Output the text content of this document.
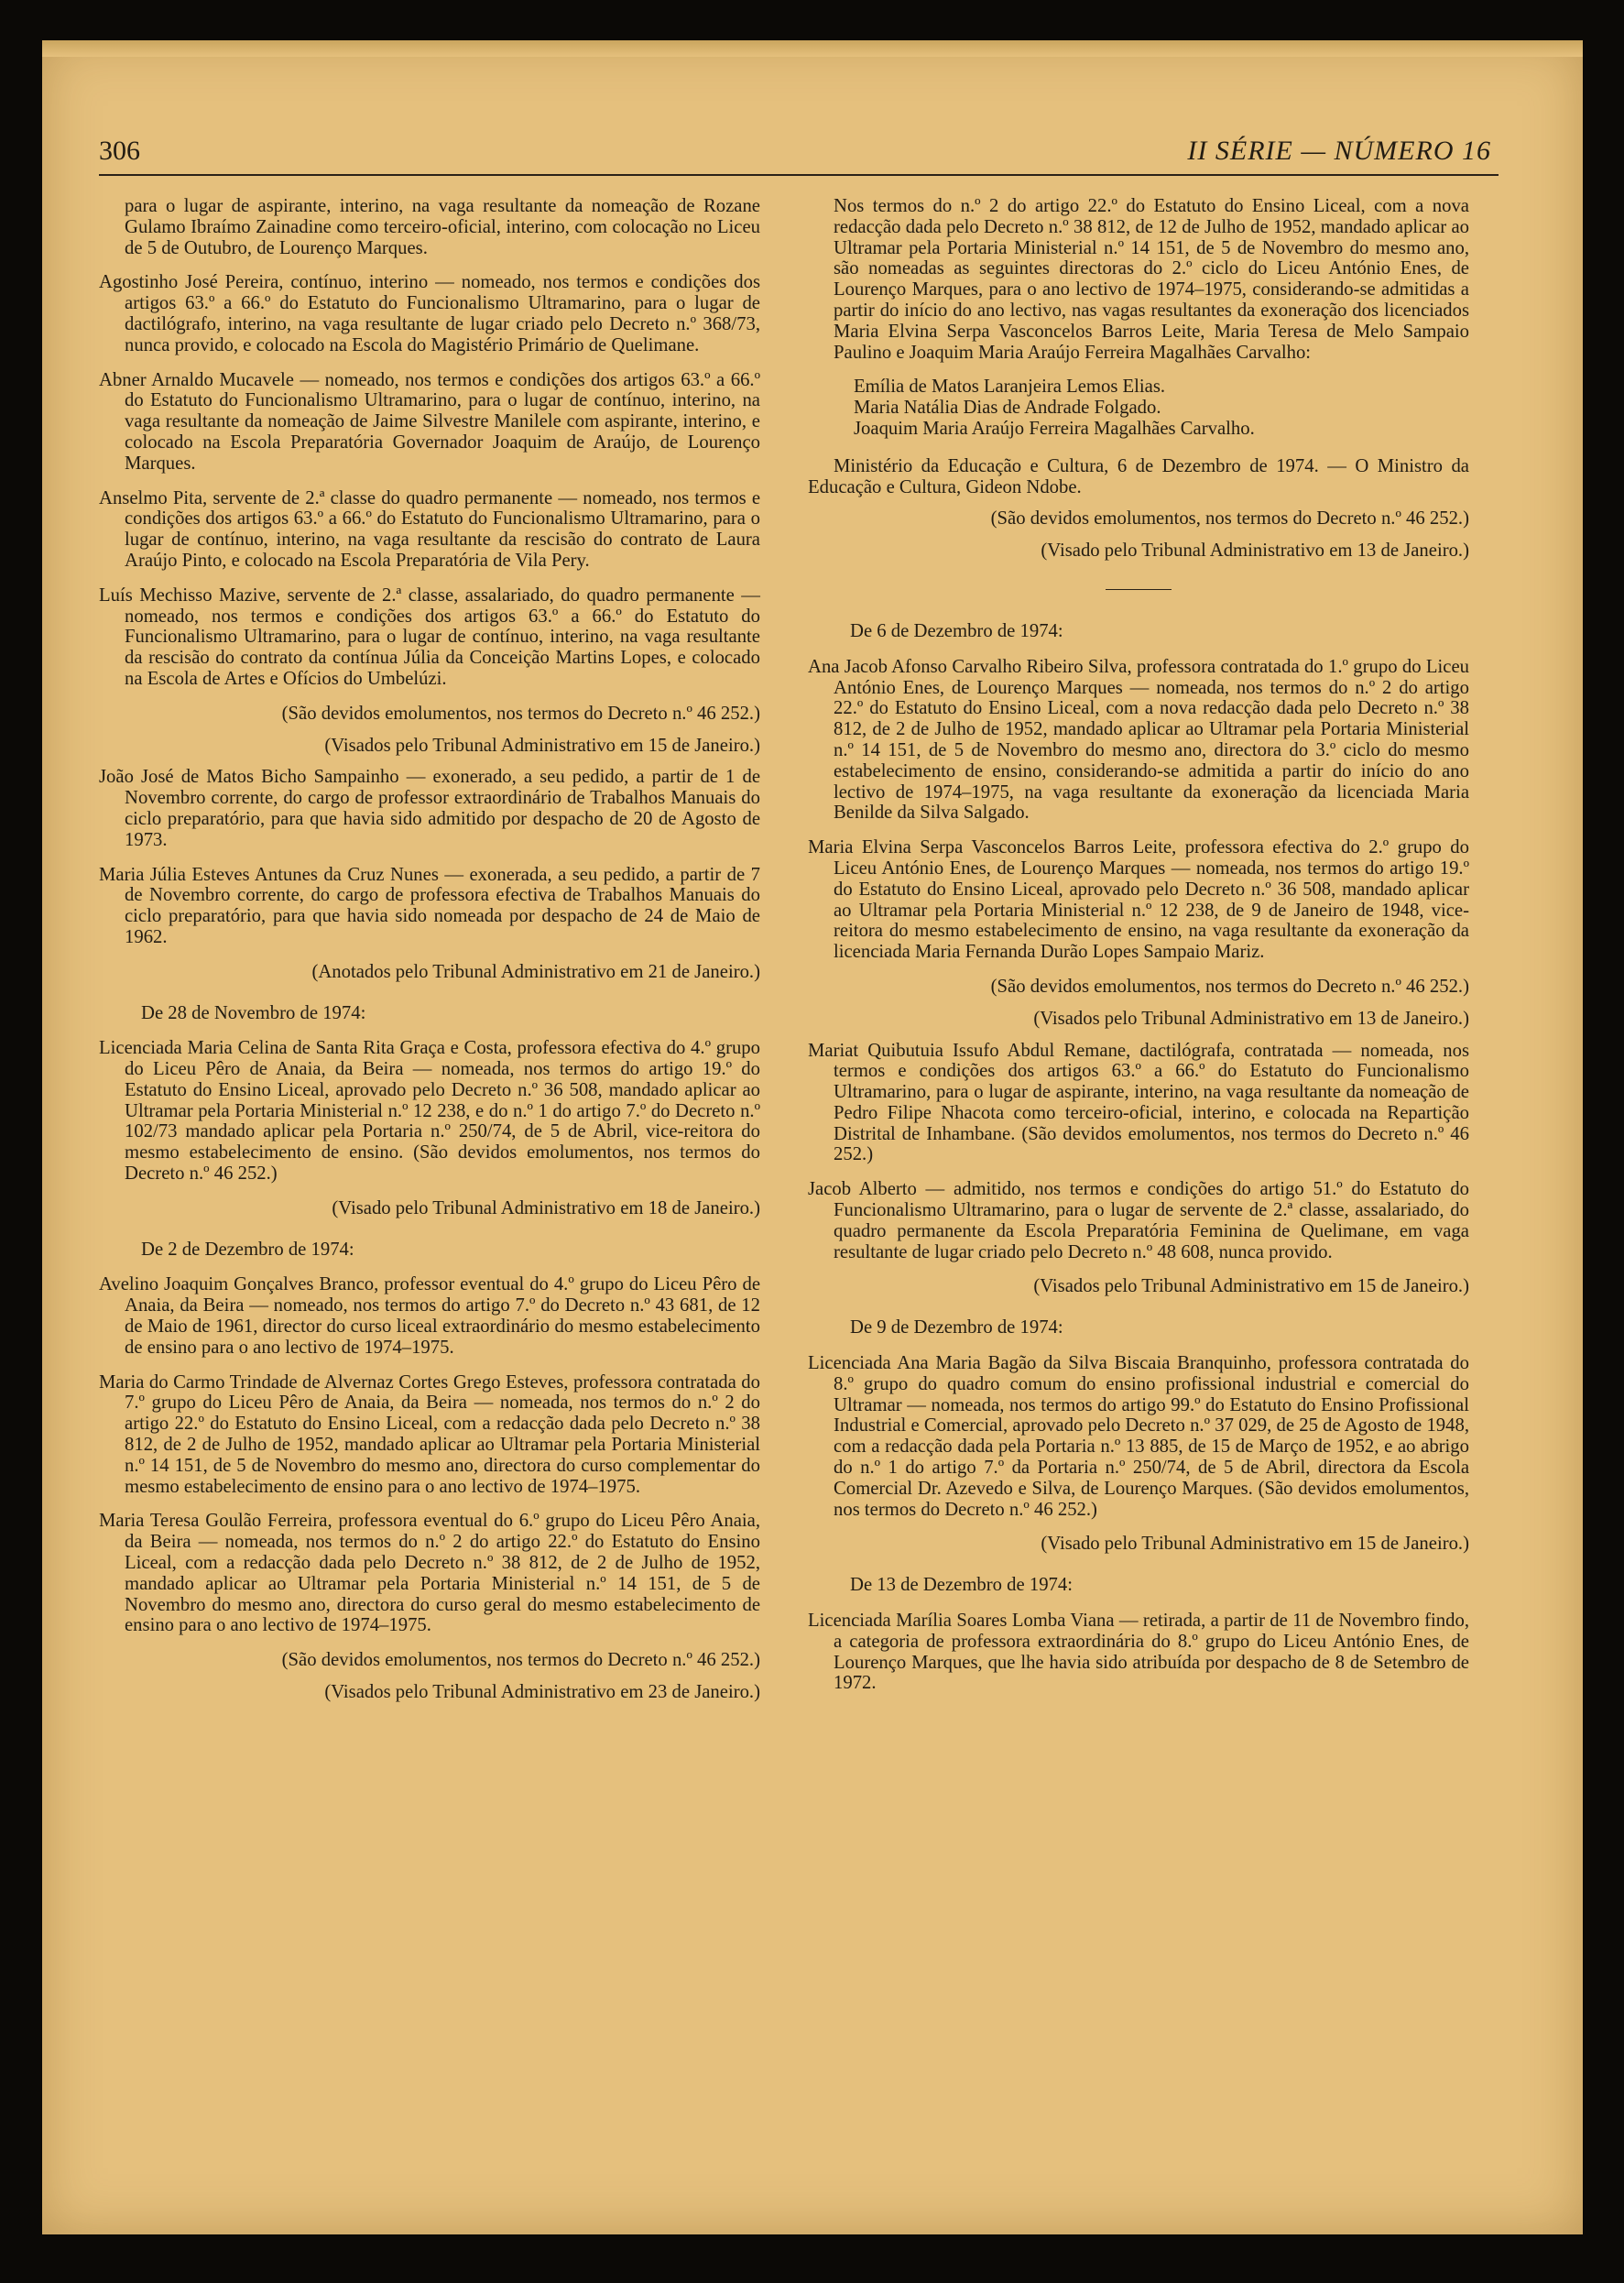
306	II SÉRIE — NÚMERO 16

para o lugar de aspirante, interino, na vaga resultante da nomeação de Rozane Gulamo Ibraímo Zainadine como terceiro-oficial, interino, com colocação no Liceu de 5 de Outubro, de Lourenço Marques.

Agostinho José Pereira, contínuo, interino — nomeado, nos termos e condições dos artigos 63.º a 66.º do Estatuto do Funcionalismo Ultramarino, para o lugar de dactilógrafo, interino, na vaga resultante de lugar criado pelo Decreto n.º 368/73, nunca provido, e colocado na Escola do Magistério Primário de Quelimane.

Abner Arnaldo Mucavele — nomeado, nos termos e condições dos artigos 63.º a 66.º do Estatuto do Funcionalismo Ultramarino, para o lugar de contínuo, interino, na vaga resultante da nomeação de Jaime Silvestre Manilele com aspirante, interino, e colocado na Escola Preparatória Governador Joaquim de Araújo, de Lourenço Marques.

Anselmo Pita, servente de 2.ª classe do quadro permanente — nomeado, nos termos e condições dos artigos 63.º a 66.º do Estatuto do Funcionalismo Ultramarino, para o lugar de contínuo, interino, na vaga resultante da rescisão do contrato de Laura Araújo Pinto, e colocado na Escola Preparatória de Vila Pery.

Luís Mechisso Mazive, servente de 2.ª classe, assalariado, do quadro permanente — nomeado, nos termos e condições dos artigos 63.º a 66.º do Estatuto do Funcionalismo Ultramarino, para o lugar de contínuo, interino, na vaga resultante da rescisão do contrato da contínua Júlia da Conceição Martins Lopes, e colocado na Escola de Artes e Ofícios do Umbelúzi.

(São devidos emolumentos, nos termos do Decreto n.º 46 252.)

(Visados pelo Tribunal Administrativo em 15 de Janeiro.)

João José de Matos Bicho Sampainho — exonerado, a seu pedido, a partir de 1 de Novembro corrente, do cargo de professor extraordinário de Trabalhos Manuais do ciclo preparatório, para que havia sido admitido por despacho de 20 de Agosto de 1973.

Maria Júlia Esteves Antunes da Cruz Nunes — exonerada, a seu pedido, a partir de 7 de Novembro corrente, do cargo de professora efectiva de Trabalhos Manuais do ciclo preparatório, para que havia sido nomeada por despacho de 24 de Maio de 1962.

(Anotados pelo Tribunal Administrativo em 21 de Janeiro.)

De 28 de Novembro de 1974:

Licenciada Maria Celina de Santa Rita Graça e Costa, professora efectiva do 4.º grupo do Liceu Pêro de Anaia, da Beira — nomeada, nos termos do artigo 19.º do Estatuto do Ensino Liceal, aprovado pelo Decreto n.º 36 508, mandado aplicar ao Ultramar pela Portaria Ministerial n.º 12 238, e do n.º 1 do artigo 7.º do Decreto n.º 102/73 mandado aplicar pela Portaria n.º 250/74, de 5 de Abril, vice-reitora do mesmo estabelecimento de ensino. (São devidos emolumentos, nos termos do Decreto n.º 46 252.)

(Visado pelo Tribunal Administrativo em 18 de Janeiro.)

De 2 de Dezembro de 1974:

Avelino Joaquim Gonçalves Branco, professor eventual do 4.º grupo do Liceu Pêro de Anaia, da Beira — nomeado, nos termos do artigo 7.º do Decreto n.º 43 681, de 12 de Maio de 1961, director do curso liceal extraordinário do mesmo estabelecimento de ensino para o ano lectivo de 1974–1975.

Maria do Carmo Trindade de Alvernaz Cortes Grego Esteves, professora contratada do 7.º grupo do Liceu Pêro de Anaia, da Beira — nomeada, nos termos do n.º 2 do artigo 22.º do Estatuto do Ensino Liceal, com a redacção dada pelo Decreto n.º 38 812, de 2 de Julho de 1952, mandado aplicar ao Ultramar pela Portaria Ministerial n.º 14 151, de 5 de Novembro do mesmo ano, directora do curso complementar do mesmo estabelecimento de ensino para o ano lectivo de 1974–1975.

Maria Teresa Goulão Ferreira, professora eventual do 6.º grupo do Liceu Pêro Anaia, da Beira — nomeada, nos termos do n.º 2 do artigo 22.º do Estatuto do Ensino Liceal, com a redacção dada pelo Decreto n.º 38 812, de 2 de Julho de 1952, mandado aplicar ao Ultramar pela Portaria Ministerial n.º 14 151, de 5 de Novembro do mesmo ano, directora do curso geral do mesmo estabelecimento de ensino para o ano lectivo de 1974–1975.

(São devidos emolumentos, nos termos do Decreto n.º 46 252.)

(Visados pelo Tribunal Administrativo em 23 de Janeiro.)

Nos termos do n.º 2 do artigo 22.º do Estatuto do Ensino Liceal, com a nova redacção dada pelo Decreto n.º 38 812, de 12 de Julho de 1952, mandado aplicar ao Ultramar pela Portaria Ministerial n.º 14 151, de 5 de Novembro do mesmo ano, são nomeadas as seguintes directoras do 2.º ciclo do Liceu António Enes, de Lourenço Marques, para o ano lectivo de 1974–1975, considerando-se admitidas a partir do início do ano lectivo, nas vagas resultantes da exoneração dos licenciados Maria Elvina Serpa Vasconcelos Barros Leite, Maria Teresa de Melo Sampaio Paulino e Joaquim Maria Araújo Ferreira Magalhães Carvalho:

Emília de Matos Laranjeira Lemos Elias.
Maria Natália Dias de Andrade Folgado.
Joaquim Maria Araújo Ferreira Magalhães Carvalho.

Ministério da Educação e Cultura, 6 de Dezembro de 1974. — O Ministro da Educação e Cultura, Gideon Ndobe.

(São devidos emolumentos, nos termos do Decreto n.º 46 252.)

(Visado pelo Tribunal Administrativo em 13 de Janeiro.)

De 6 de Dezembro de 1974:

Ana Jacob Afonso Carvalho Ribeiro Silva, professora contratada do 1.º grupo do Liceu António Enes, de Lourenço Marques — nomeada, nos termos do n.º 2 do artigo 22.º do Estatuto do Ensino Liceal, com a nova redacção dada pelo Decreto n.º 38 812, de 2 de Julho de 1952, mandado aplicar ao Ultramar pela Portaria Ministerial n.º 14 151, de 5 de Novembro do mesmo ano, directora do 3.º ciclo do mesmo estabelecimento de ensino, considerando-se admitida a partir do início do ano lectivo de 1974–1975, na vaga resultante da exoneração da licenciada Maria Benilde da Silva Salgado.

Maria Elvina Serpa Vasconcelos Barros Leite, professora efectiva do 2.º grupo do Liceu António Enes, de Lourenço Marques — nomeada, nos termos do artigo 19.º do Estatuto do Ensino Liceal, aprovado pelo Decreto n.º 36 508, mandado aplicar ao Ultramar pela Portaria Ministerial n.º 12 238, de 9 de Janeiro de 1948, vice-reitora do mesmo estabelecimento de ensino, na vaga resultante da exoneração da licenciada Maria Fernanda Durão Lopes Sampaio Mariz.

(São devidos emolumentos, nos termos do Decreto n.º 46 252.)

(Visados pelo Tribunal Administrativo em 13 de Janeiro.)

Mariat Quibutuia Issufo Abdul Remane, dactilógrafa, contratada — nomeada, nos termos e condições dos artigos 63.º a 66.º do Estatuto do Funcionalismo Ultramarino, para o lugar de aspirante, interino, na vaga resultante da nomeação de Pedro Filipe Nhacota como terceiro-oficial, interino, e colocada na Repartição Distrital de Inhambane. (São devidos emolumentos, nos termos do Decreto n.º 46 252.)

Jacob Alberto — admitido, nos termos e condições do artigo 51.º do Estatuto do Funcionalismo Ultramarino, para o lugar de servente de 2.ª classe, assalariado, do quadro permanente da Escola Preparatória Feminina de Quelimane, em vaga resultante de lugar criado pelo Decreto n.º 48 608, nunca provido.

(Visados pelo Tribunal Administrativo em 15 de Janeiro.)

De 9 de Dezembro de 1974:

Licenciada Ana Maria Bagão da Silva Biscaia Branquinho, professora contratada do 8.º grupo do quadro comum do ensino profissional industrial e comercial do Ultramar — nomeada, nos termos do artigo 99.º do Estatuto do Ensino Profissional Industrial e Comercial, aprovado pelo Decreto n.º 37 029, de 25 de Agosto de 1948, com a redacção dada pela Portaria n.º 13 885, de 15 de Março de 1952, e ao abrigo do n.º 1 do artigo 7.º da Portaria n.º 250/74, de 5 de Abril, directora da Escola Comercial Dr. Azevedo e Silva, de Lourenço Marques. (São devidos emolumentos, nos termos do Decreto n.º 46 252.)

(Visado pelo Tribunal Administrativo em 15 de Janeiro.)

De 13 de Dezembro de 1974:

Licenciada Marília Soares Lomba Viana — retirada, a partir de 11 de Novembro findo, a categoria de professora extraordinária do 8.º grupo do Liceu António Enes, de Lourenço Marques, que lhe havia sido atribuída por despacho de 8 de Setembro de 1972.
